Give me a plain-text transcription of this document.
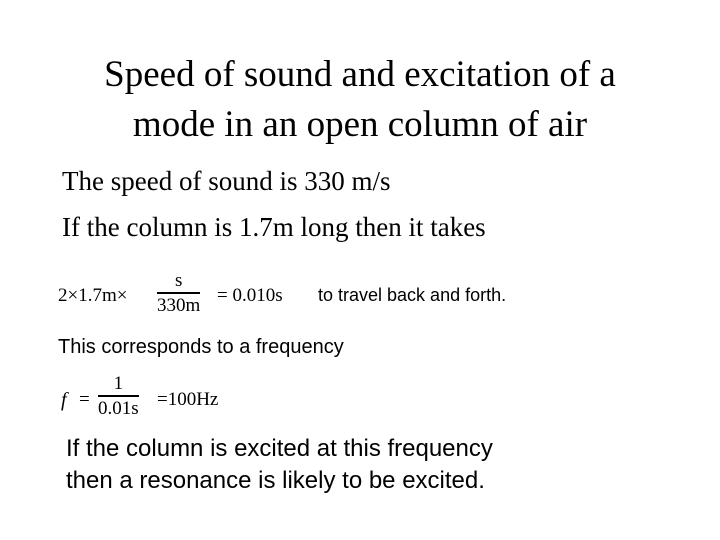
Speed of sound and excitation of a
mode in an open column of air
The speed of sound is 330 m/s
If the column is 1.7m long then it takes
2×1.7m×
s
330m = 0.010s to travel back and forth.
This corresponds to a frequency
f =
1
0.01s =100Hz
If the column is excited at this frequency
then a resonance is likely to be excited.
